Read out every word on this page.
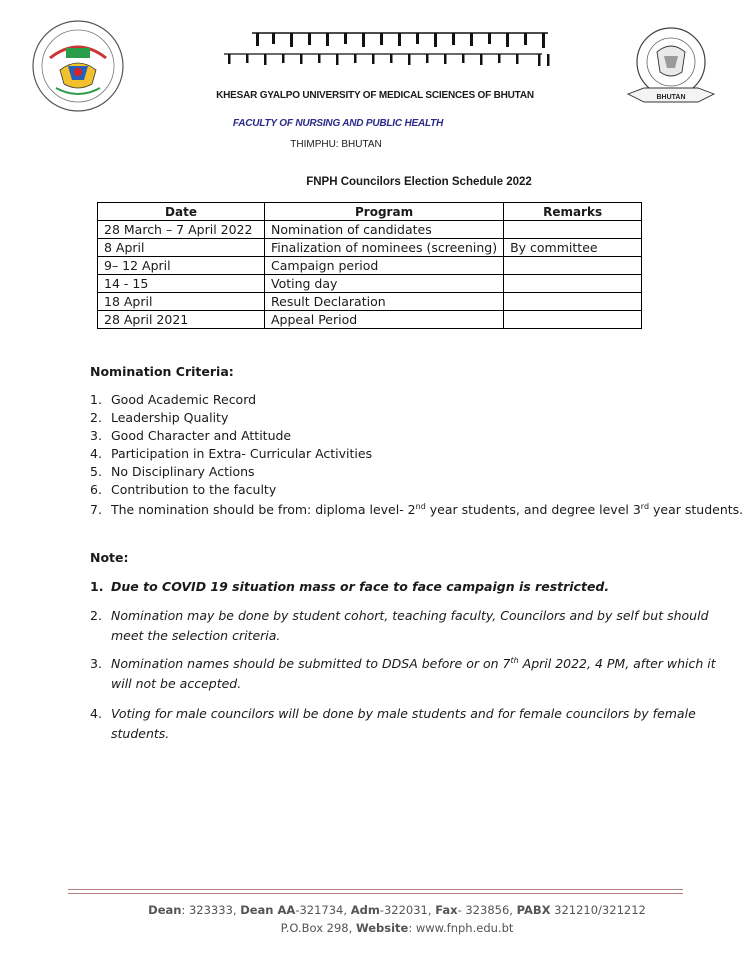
BHUTAN
KHESAR GYALPO UNIVERSITY OF MEDICAL SCIENCES OF BHUTAN
FACULTY OF NURSING AND PUBLIC HEALTH
THIMPHU: BHUTAN
FNPH Councilors Election Schedule 2022
Date	Program	Remarks
28 March – 7 April 2022	Nomination of candidates	
8 April	Finalization of nominees (screening)	By committee
9– 12 April	Campaign period	
14 - 15	Voting day	
18 April	Result Declaration	
28 April 2021	Appeal Period	
Nomination Criteria:
1. Good Academic Record
2. Leadership Quality
3. Good Character and Attitude
4. Participation in Extra- Curricular Activities
5. No Disciplinary Actions
6. Contribution to the faculty
7. The nomination should be from: diploma level- 2nd year students, and degree level 3rd year students.
Note:
1. Due to COVID 19 situation mass or face to face campaign is restricted.
2. Nomination may be done by student cohort, teaching faculty, Councilors and by self but should meet the selection criteria.
3. Nomination names should be submitted to DDSA before or on 7th April 2022, 4 PM, after which it will not be accepted.
4. Voting for male councilors will be done by male students and for female councilors by female students.
Dean: 323333, Dean AA-321734, Adm-322031, Fax- 323856, PABX 321210/321212
P.O.Box 298, Website: www.fnph.edu.bt
